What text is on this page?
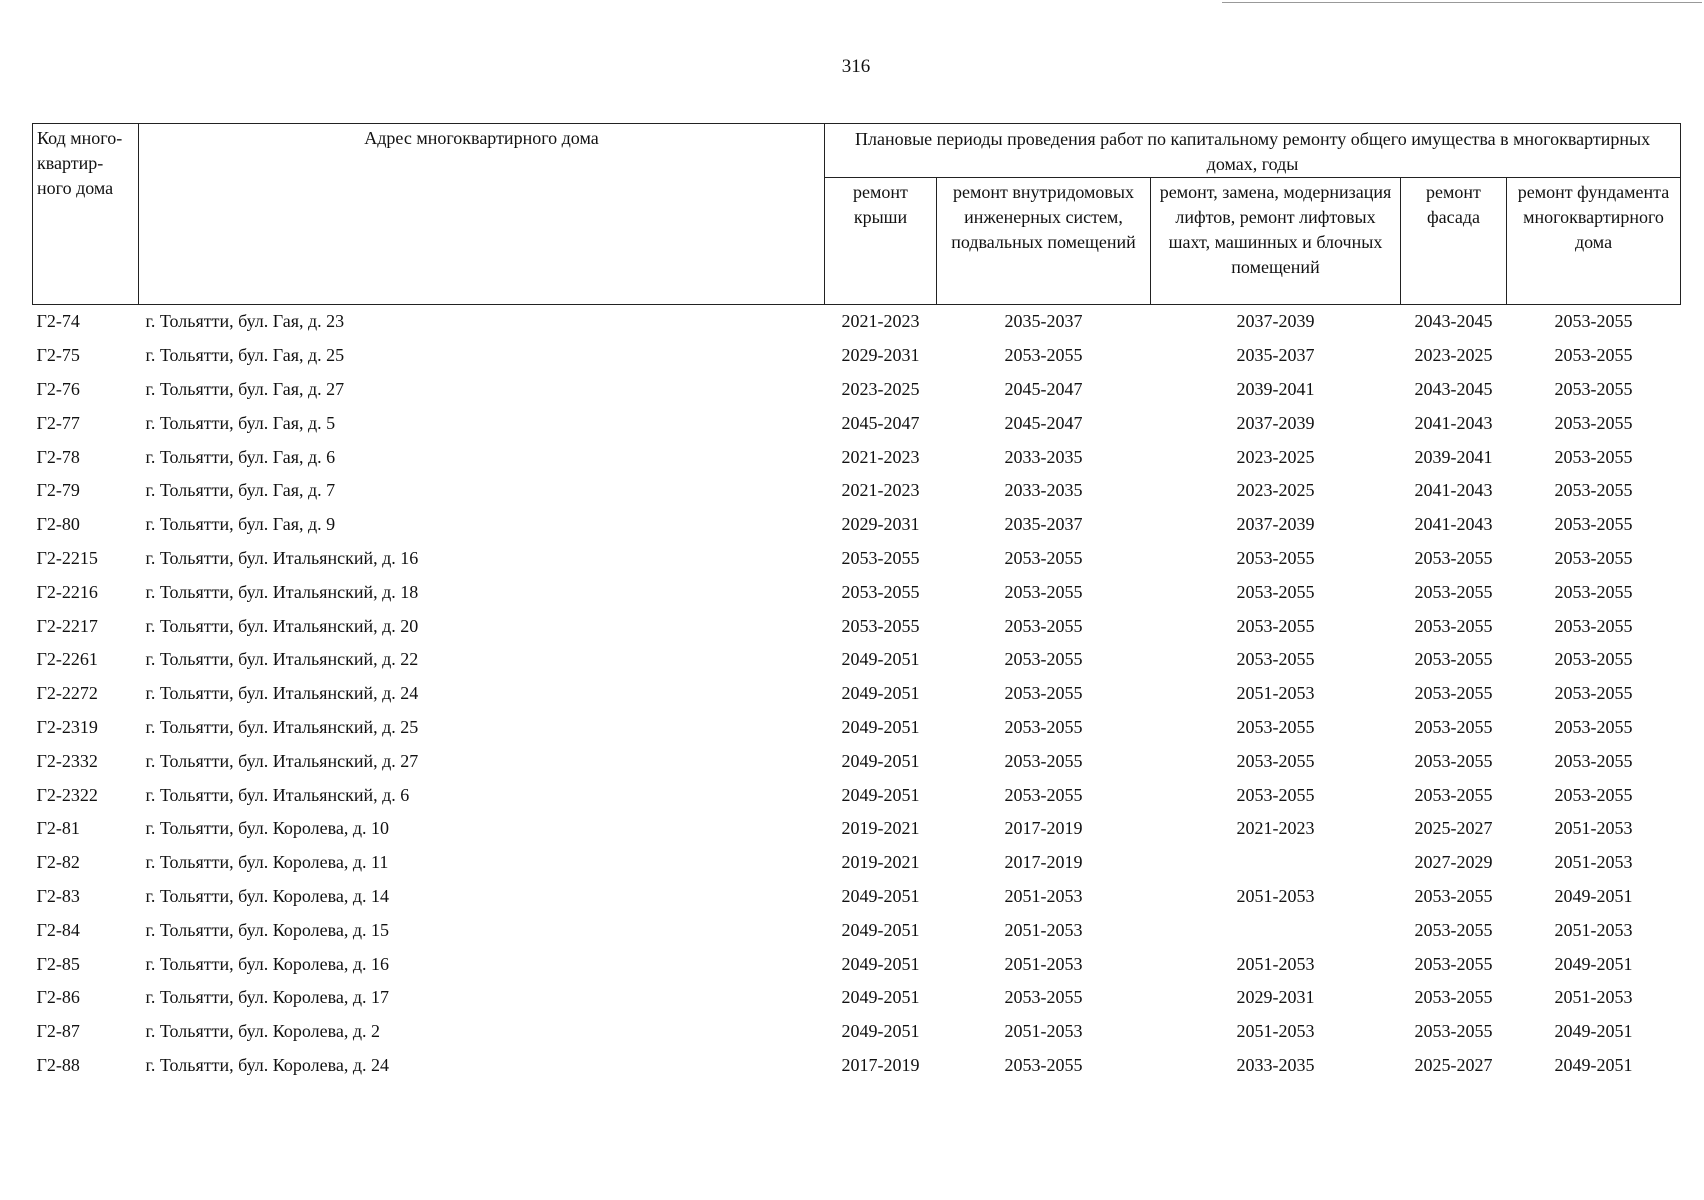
316
Код много-квартир-ного дома	Адрес многоквартирного дома	Плановые периоды проведения работ по капитальному ремонту общего имущества в многоквартирных домах, годы				
		ремонт крыши	ремонт внутридомовых инженерных систем, подвальных помещений	ремонт, замена, модернизация лифтов, ремонт лифтовых шахт, машинных и блочных помещений	ремонт фасада	ремонт фундамента многоквартирного дома
Г2-74	г. Тольятти, бул. Гая, д. 23	2021-2023	2035-2037	2037-2039	2043-2045	2053-2055
Г2-75	г. Тольятти, бул. Гая, д. 25	2029-2031	2053-2055	2035-2037	2023-2025	2053-2055
Г2-76	г. Тольятти, бул. Гая, д. 27	2023-2025	2045-2047	2039-2041	2043-2045	2053-2055
Г2-77	г. Тольятти, бул. Гая, д. 5	2045-2047	2045-2047	2037-2039	2041-2043	2053-2055
Г2-78	г. Тольятти, бул. Гая, д. 6	2021-2023	2033-2035	2023-2025	2039-2041	2053-2055
Г2-79	г. Тольятти, бул. Гая, д. 7	2021-2023	2033-2035	2023-2025	2041-2043	2053-2055
Г2-80	г. Тольятти, бул. Гая, д. 9	2029-2031	2035-2037	2037-2039	2041-2043	2053-2055
Г2-2215	г. Тольятти, бул. Итальянский, д. 16	2053-2055	2053-2055	2053-2055	2053-2055	2053-2055
Г2-2216	г. Тольятти, бул. Итальянский, д. 18	2053-2055	2053-2055	2053-2055	2053-2055	2053-2055
Г2-2217	г. Тольятти, бул. Итальянский, д. 20	2053-2055	2053-2055	2053-2055	2053-2055	2053-2055
Г2-2261	г. Тольятти, бул. Итальянский, д. 22	2049-2051	2053-2055	2053-2055	2053-2055	2053-2055
Г2-2272	г. Тольятти, бул. Итальянский, д. 24	2049-2051	2053-2055	2051-2053	2053-2055	2053-2055
Г2-2319	г. Тольятти, бул. Итальянский, д. 25	2049-2051	2053-2055	2053-2055	2053-2055	2053-2055
Г2-2332	г. Тольятти, бул. Итальянский, д. 27	2049-2051	2053-2055	2053-2055	2053-2055	2053-2055
Г2-2322	г. Тольятти, бул. Итальянский, д. 6	2049-2051	2053-2055	2053-2055	2053-2055	2053-2055
Г2-81	г. Тольятти, бул. Королева, д. 10	2019-2021	2017-2019	2021-2023	2025-2027	2051-2053
Г2-82	г. Тольятти, бул. Королева, д. 11	2019-2021	2017-2019		2027-2029	2051-2053
Г2-83	г. Тольятти, бул. Королева, д. 14	2049-2051	2051-2053	2051-2053	2053-2055	2049-2051
Г2-84	г. Тольятти, бул. Королева, д. 15	2049-2051	2051-2053		2053-2055	2051-2053
Г2-85	г. Тольятти, бул. Королева, д. 16	2049-2051	2051-2053	2051-2053	2053-2055	2049-2051
Г2-86	г. Тольятти, бул. Королева, д. 17	2049-2051	2053-2055	2029-2031	2053-2055	2051-2053
Г2-87	г. Тольятти, бул. Королева, д. 2	2049-2051	2051-2053	2051-2053	2053-2055	2049-2051
Г2-88	г. Тольятти, бул. Королева, д. 24	2017-2019	2053-2055	2033-2035	2025-2027	2049-2051
